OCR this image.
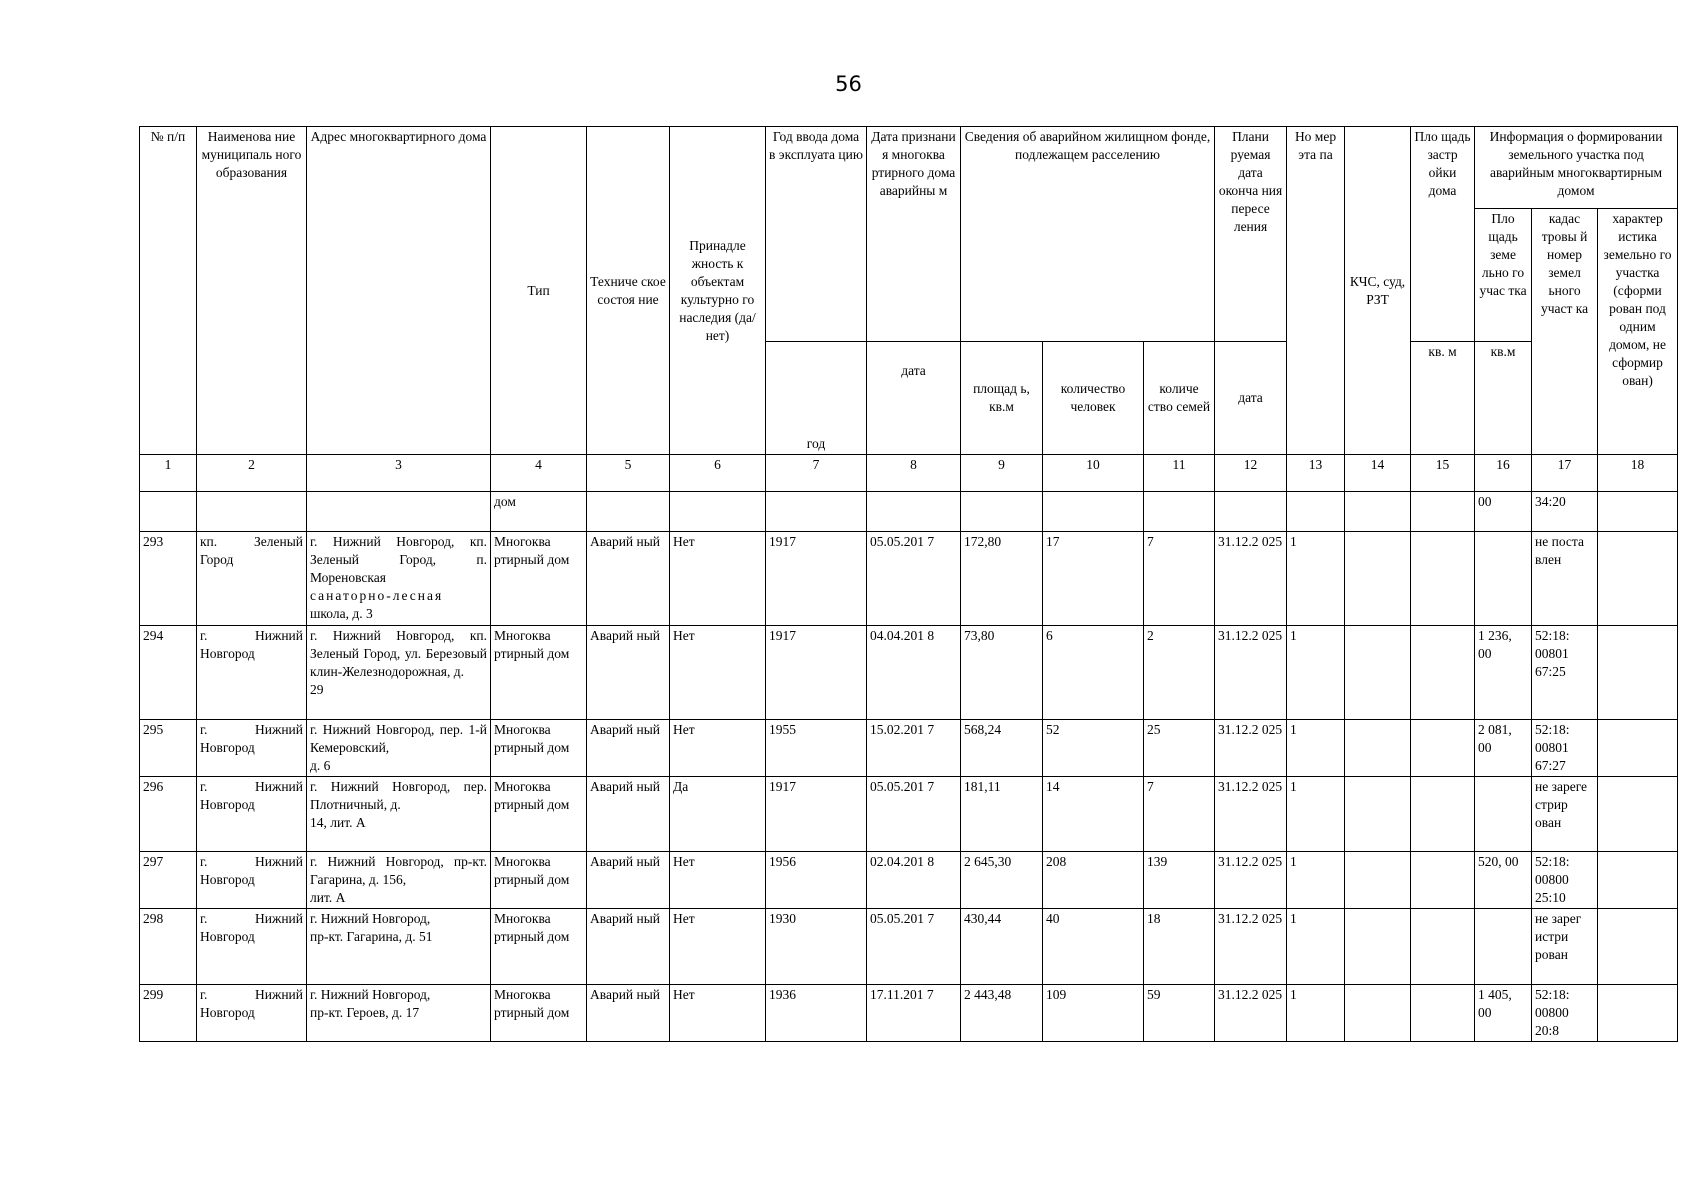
56
№ п/п	Наименова ние муниципаль ного образования	Адрес многоквартирного дома	Тип	Техниче ское состоя ние	Принадле жность к объектам культурно го наследия (да/нет)	Год ввода дома в эксплуата цию	Дата признани я многоква ртирного дома аварийны м	Сведения об аварийном жилищном фонде, подлежащем расселению			Плани руемая дата оконча ния пересе ления	Но мер эта па	КЧС, суд, РЗТ	Пло щадь застр ойки дома	Информация о формировании земельного участка под аварийным многоквартирным домом		
															Пло щадь земе льно го учас тка	кадас тровы й номер земел ьного участ ка	характер истика земельно го участка (сформи рован под одним домом, не сформир ован)
						год	дата	площад ь, кв.м	количество человек	количе ство семей	дата			кв. м	кв.м		
1	2	3	4	5	6	7	8	9	10	11	12	13	14	15	16	17	18
			дом												00	34:20	
293	кп. Зеленый Город	г. Нижний Новгород, кп. Зеленый Город, п. Мореновская
санаторно-лесная
школа, д. 3	Многоква ртирный дом	Аварий ный	Нет	1917	05.05.201 7	172,80	17	7	31.12.2 025	1				не поста влен	
294	г. Нижний Новгород	г. Нижний Новгород, кп. Зеленый Город, ул. Березовый клин-Железнодорожная, д.
29	Многоква ртирный дом	Аварий ный	Нет	1917	04.04.201 8	73,80	6	2	31.12.2 025	1			1 236, 00	52:18: 00801 67:25	
295	г. Нижний Новгород	г. Нижний Новгород, пер. 1-й Кемеровский,
д. 6	Многоква ртирный дом	Аварий ный	Нет	1955	15.02.201 7	568,24	52	25	31.12.2 025	1			2 081, 00	52:18: 00801 67:27	
296	г. Нижний Новгород	г. Нижний Новгород, пер. Плотничный, д.
14, лит. А	Многоква ртирный дом	Аварий ный	Да	1917	05.05.201 7	181,11	14	7	31.12.2 025	1				не зареге стрир ован	
297	г. Нижний Новгород	г. Нижний Новгород, пр-кт. Гагарина, д. 156,
лит. А	Многоква ртирный дом	Аварий ный	Нет	1956	02.04.201 8	2 645,30	208	139	31.12.2 025	1			520, 00	52:18: 00800 25:10	
298	г. Нижний Новгород	г. Нижний Новгород,
пр-кт. Гагарина, д. 51	Многоква ртирный дом	Аварий ный	Нет	1930	05.05.201 7	430,44	40	18	31.12.2 025	1				не зарег истри рован	
299	г. Нижний Новгород	г. Нижний Новгород,
пр-кт. Героев, д. 17	Многоква ртирный дом	Аварий ный	Нет	1936	17.11.201 7	2 443,48	109	59	31.12.2 025	1			1 405, 00	52:18: 00800 20:8	
